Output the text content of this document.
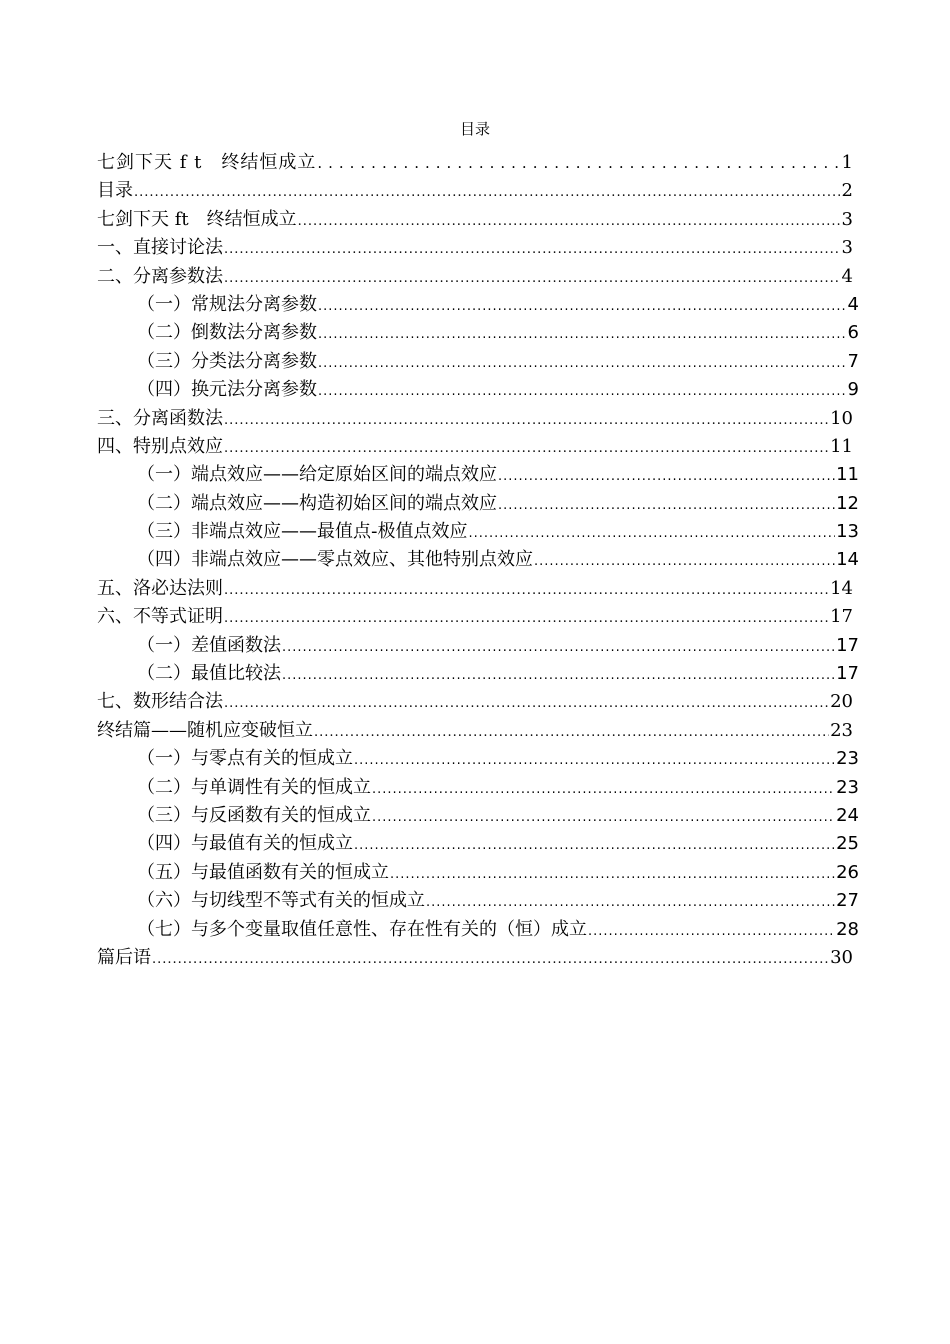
目录
七剑下天 f t　终结恒成立 .....	1
目录 .....	2
七剑下天 ft　终结恒成立 .....	3
一、直接讨论法 .....	3
二、分离参数法 .....	4
（一）常规法分离参数 .....	4
（二）倒数法分离参数 .....	6
（三）分类法分离参数 .....	7
（四）换元法分离参数 .....	9
三、分离函数法 .....	10
四、特别点效应 .....	11
（一）端点效应——给定原始区间的端点效应 .....	11
（二）端点效应——构造初始区间的端点效应 .....	12
（三）非端点效应——最值点-极值点效应 .....	13
（四）非端点效应——零点效应、其他特别点效应 .....	14
五、洛必达法则 .....	14
六、不等式证明 .....	17
（一）差值函数法 .....	17
（二）最值比较法 .....	17
七、数形结合法 .....	20
终结篇——随机应变破恒立 .....	23
（一）与零点有关的恒成立 .....	23
（二）与单调性有关的恒成立 .....	23
（三）与反函数有关的恒成立 .....	24
（四）与最值有关的恒成立 .....	25
（五）与最值函数有关的恒成立 .....	26
（六）与切线型不等式有关的恒成立 .....	27
（七）与多个变量取值任意性、存在性有关的（恒）成立 .....	28
篇后语 .....	30
